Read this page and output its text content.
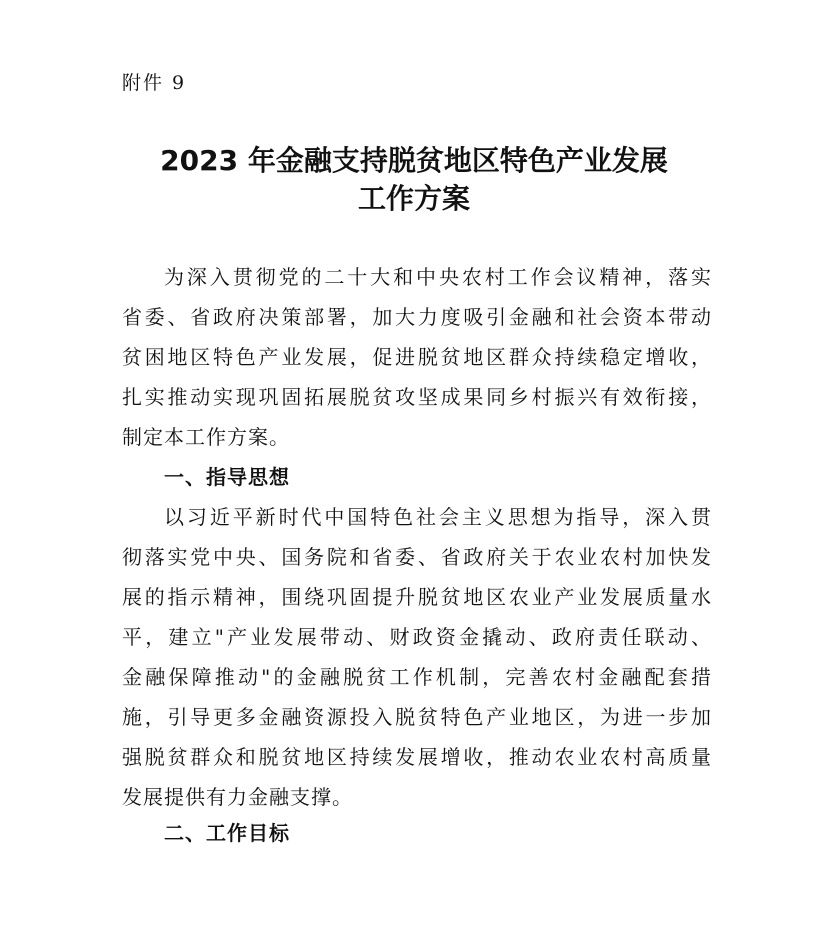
附件 9
2023 年金融支持脱贫地区特色产业发展
工作方案
为深入贯彻党的二十大和中央农村工作会议精神，落实
省委、省政府决策部署，加大力度吸引金融和社会资本带动
贫困地区特色产业发展，促进脱贫地区群众持续稳定增收，
扎实推动实现巩固拓展脱贫攻坚成果同乡村振兴有效衔接，
制定本工作方案。
一、指导思想
以习近平新时代中国特色社会主义思想为指导，深入贯
彻落实党中央、国务院和省委、省政府关于农业农村加快发
展的指示精神，围绕巩固提升脱贫地区农业产业发展质量水
平，建立"产业发展带动、财政资金撬动、政府责任联动、
金融保障推动"的金融脱贫工作机制，完善农村金融配套措
施，引导更多金融资源投入脱贫特色产业地区，为进一步加
强脱贫群众和脱贫地区持续发展增收，推动农业农村高质量
发展提供有力金融支撑。
二、工作目标
